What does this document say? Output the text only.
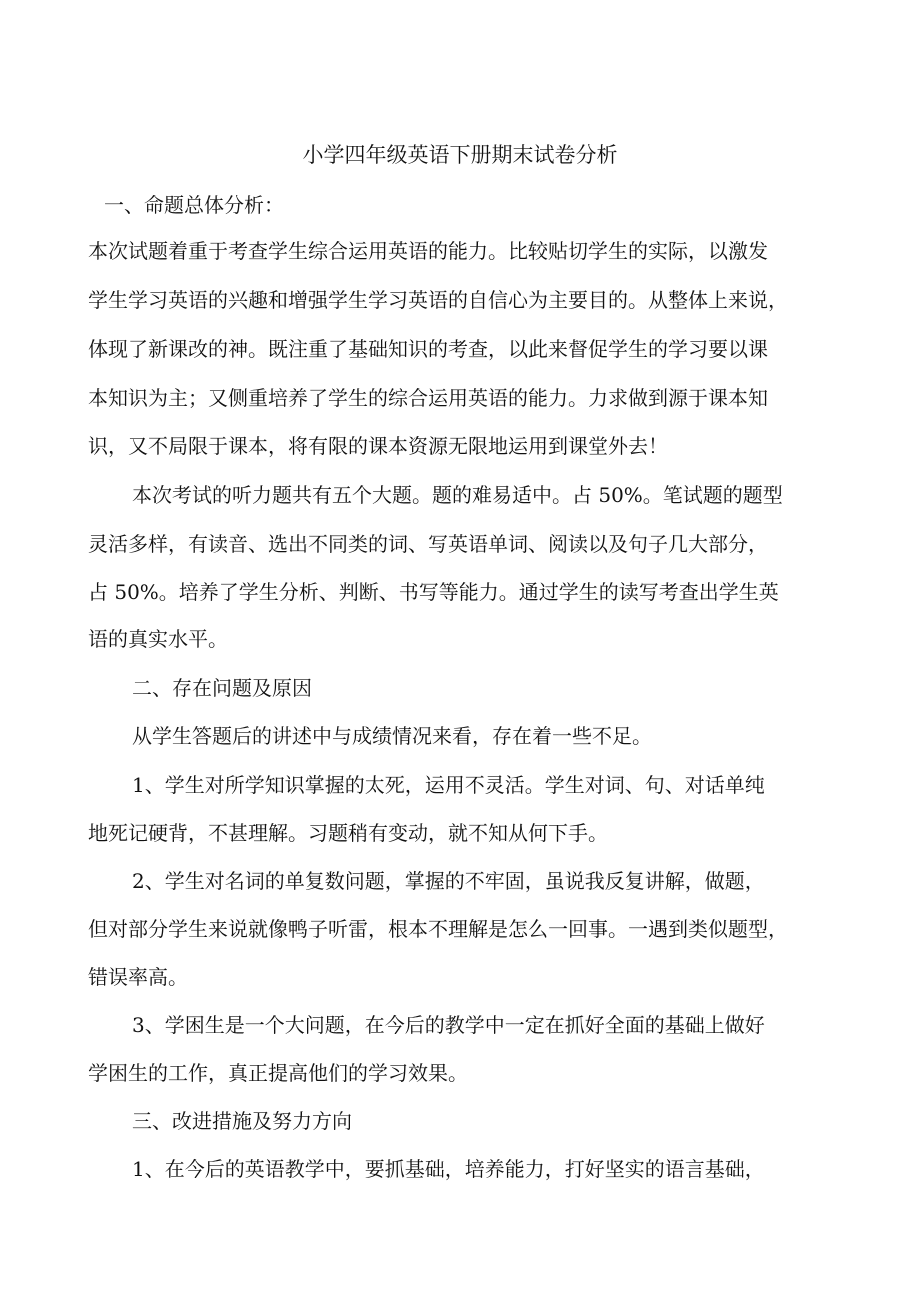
小学四年级英语下册期末试卷分析
一、命题总体分析：
本次试题着重于考查学生综合运用英语的能力。比较贴切学生的实际，以激发
学生学习英语的兴趣和增强学生学习英语的自信心为主要目的。从整体上来说，
体现了新课改的神。既注重了基础知识的考查，以此来督促学生的学习要以课
本知识为主；又侧重培养了学生的综合运用英语的能力。力求做到源于课本知
识，又不局限于课本，将有限的课本资源无限地运用到课堂外去！
本次考试的听力题共有五个大题。题的难易适中。占 50%。笔试题的题型
灵活多样，有读音、选出不同类的词、写英语单词、阅读以及句子几大部分，
占 50%。培养了学生分析、判断、书写等能力。通过学生的读写考查出学生英
语的真实水平。
二、存在问题及原因
从学生答题后的讲述中与成绩情况来看，存在着一些不足。
1、学生对所学知识掌握的太死，运用不灵活。学生对词、句、对话单纯
地死记硬背，不甚理解。习题稍有变动，就不知从何下手。
2、学生对名词的单复数问题，掌握的不牢固，虽说我反复讲解，做题，
但对部分学生来说就像鸭子听雷，根本不理解是怎么一回事。一遇到类似题型，
错误率高。
3、学困生是一个大问题，在今后的教学中一定在抓好全面的基础上做好
学困生的工作，真正提高他们的学习效果。
三、改进措施及努力方向
1、在今后的英语教学中，要抓基础，培养能力，打好坚实的语言基础，
